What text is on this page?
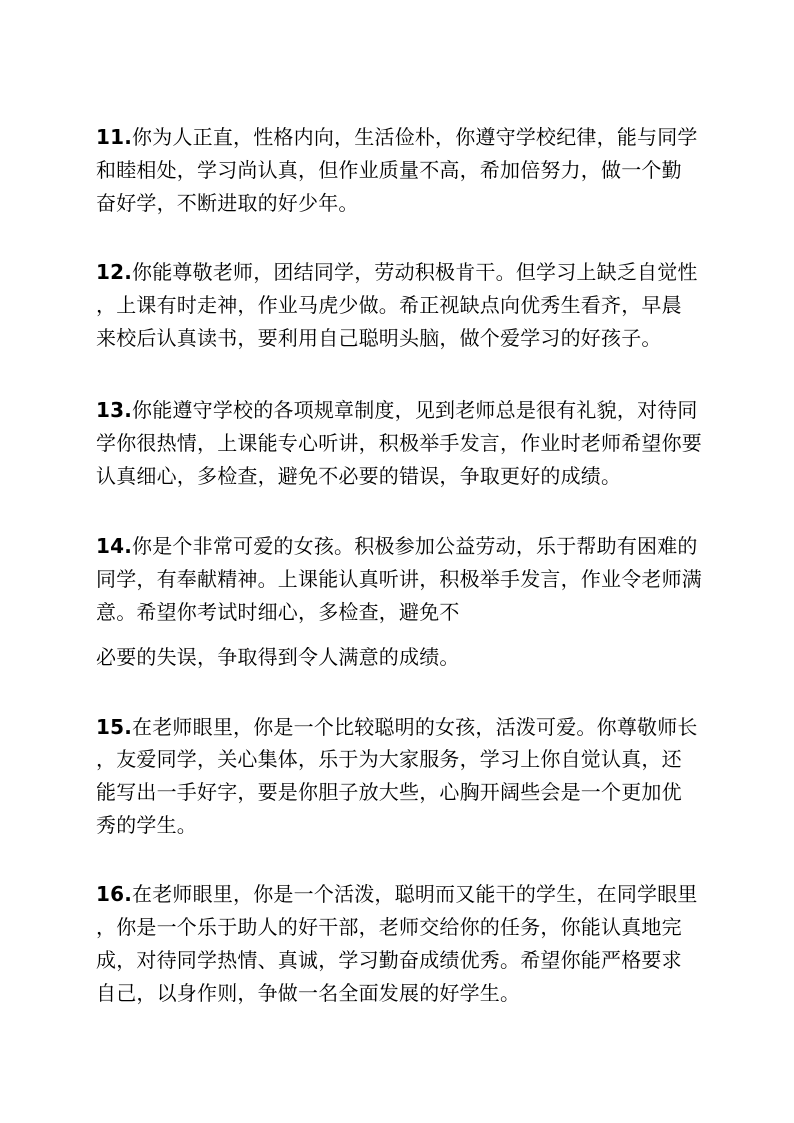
11.你为人正直，性格内向，生活俭朴，你遵守学校纪律，能与同学
和睦相处，学习尚认真，但作业质量不高，希加倍努力，做一个勤
奋好学，不断进取的好少年。
12.你能尊敬老师，团结同学，劳动积极肯干。但学习上缺乏自觉性
，上课有时走神，作业马虎少做。希正视缺点向优秀生看齐，早晨
来校后认真读书，要利用自己聪明头脑，做个爱学习的好孩子。
13.你能遵守学校的各项规章制度，见到老师总是很有礼貌，对待同
学你很热情，上课能专心听讲，积极举手发言，作业时老师希望你要
认真细心，多检查，避免不必要的错误，争取更好的成绩。
14.你是个非常可爱的女孩。积极参加公益劳动，乐于帮助有困难的
同学，有奉献精神。上课能认真听讲，积极举手发言，作业令老师满
意。希望你考试时细心，多检查，避免不
必要的失误，争取得到令人满意的成绩。
15.在老师眼里，你是一个比较聪明的女孩，活泼可爱。你尊敬师长
，友爱同学，关心集体，乐于为大家服务，学习上你自觉认真，还
能写出一手好字，要是你胆子放大些，心胸开阔些会是一个更加优
秀的学生。
16.在老师眼里，你是一个活泼，聪明而又能干的学生，在同学眼里
，你是一个乐于助人的好干部，老师交给你的任务，你能认真地完
成，对待同学热情、真诚，学习勤奋成绩优秀。希望你能严格要求
自己，以身作则，争做一名全面发展的好学生。
